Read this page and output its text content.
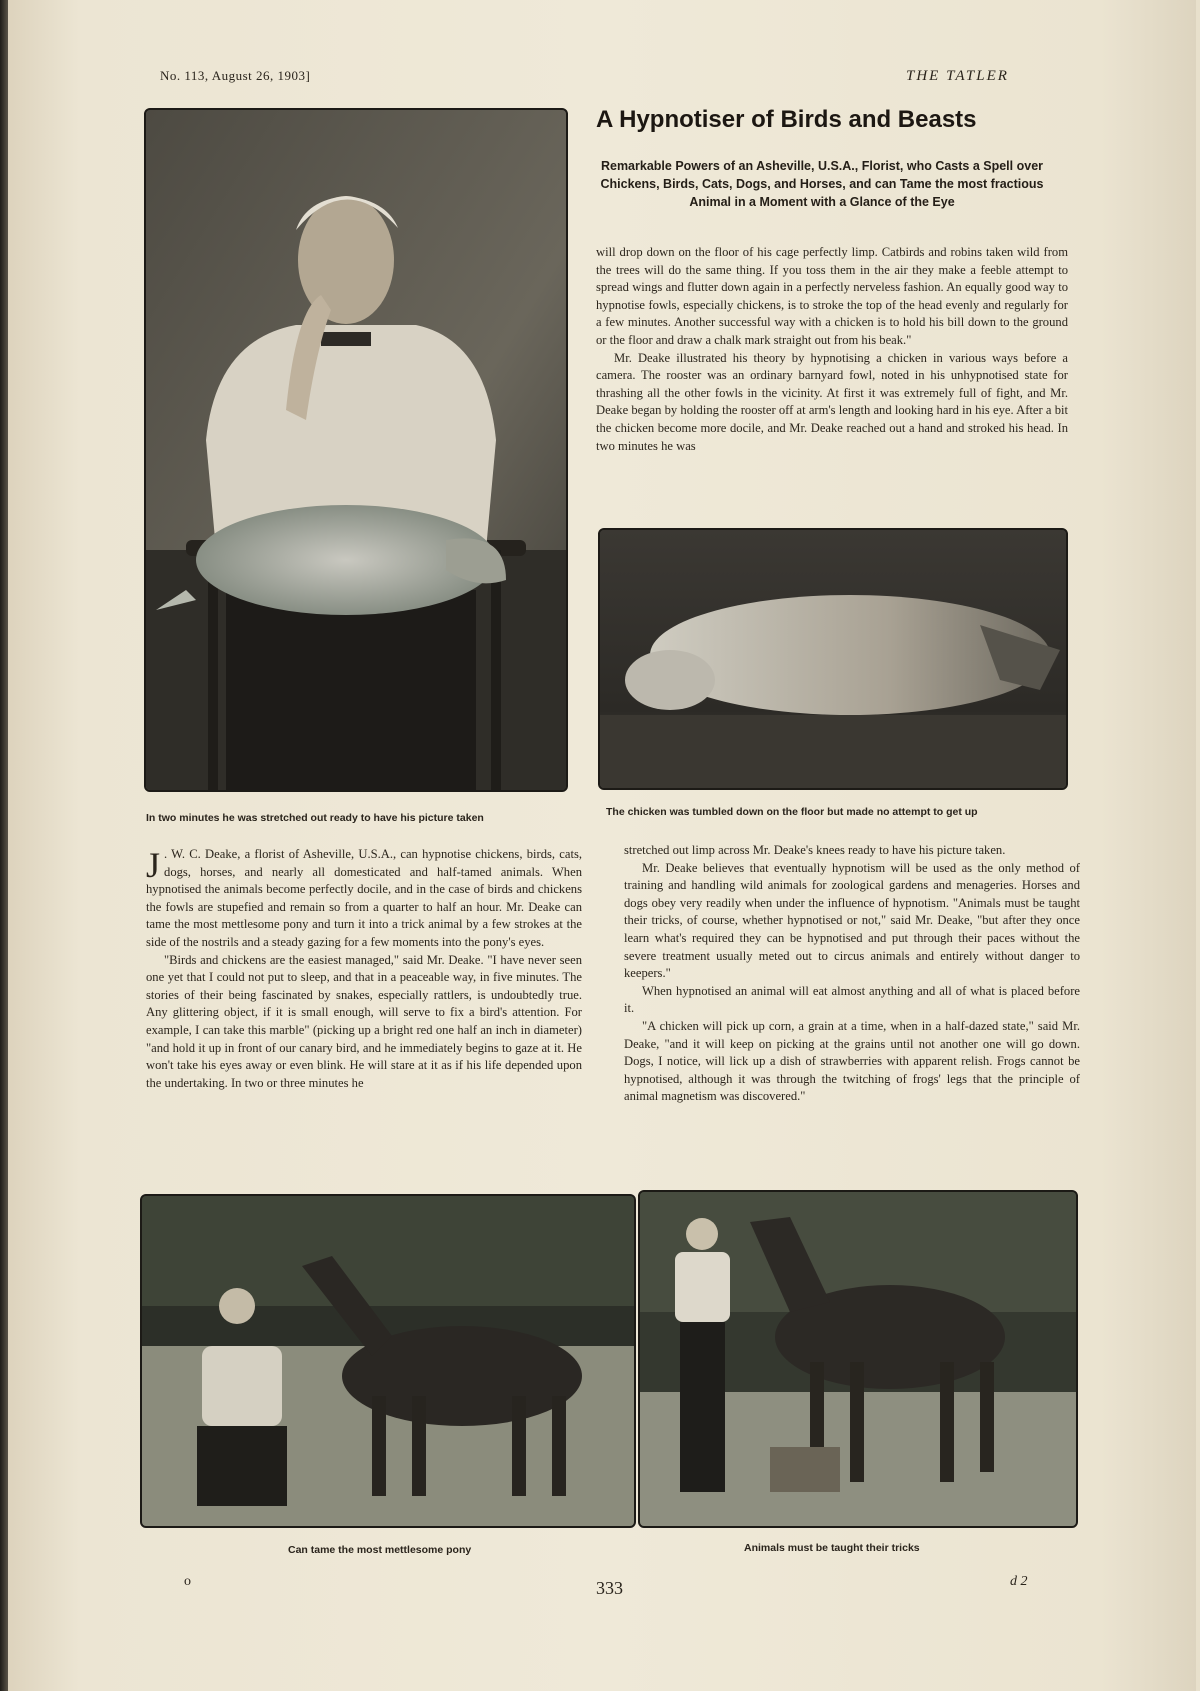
No. 113, August 26, 1903]	THE TATLER
A Hypnotiser of Birds and Beasts
Remarkable Powers of an Asheville, U.S.A., Florist, who Casts a Spell over Chickens, Birds, Cats, Dogs, and Horses, and can Tame the most fractious Animal in a Moment with a Glance of the Eye

will drop down on the floor of his cage perfectly limp. Catbirds and robins taken wild from the trees will do the same thing. If you toss them in the air they make a feeble attempt to spread wings and flutter down again in a perfectly nerveless fashion. An equally good way to hypnotise fowls, especially chickens, is to stroke the top of the head evenly and regularly for a few minutes. Another successful way with a chicken is to hold his bill down to the ground or the floor and draw a chalk mark straight out from his beak."

Mr. Deake illustrated his theory by hypnotising a chicken in various ways before a camera. The rooster was an ordinary barnyard fowl, noted in his unhypnotised state for thrashing all the other fowls in the vicinity. At first it was extremely full of fight, and Mr. Deake began by holding the rooster off at arm's length and looking hard in his eye. After a bit the chicken become more docile, and Mr. Deake reached out a hand and stroked his head. In two minutes he was

In two minutes he was stretched out ready to have his picture taken	The chicken was tumbled down on the floor but made no attempt to get up

J . W. C. Deake, a florist of Asheville, U.S.A., can hypnotise chickens, birds, cats, dogs, horses, and nearly all domesticated and half-tamed animals. When hypnotised the animals become perfectly docile, and in the case of birds and chickens the fowls are stupefied and remain so from a quarter to half an hour. Mr. Deake can tame the most mettlesome pony and turn it into a trick animal by a few strokes at the side of the nostrils and a steady gazing for a few moments into the pony's eyes.

"Birds and chickens are the easiest managed," said Mr. Deake. "I have never seen one yet that I could not put to sleep, and that in a peaceable way, in five minutes. The stories of their being fascinated by snakes, especially rattlers, is undoubtedly true. Any glittering object, if it is small enough, will serve to fix a bird's attention. For example, I can take this marble" (picking up a bright red one half an inch in diameter) "and hold it up in front of our canary bird, and he immediately begins to gaze at it. He won't take his eyes away or even blink. He will stare at it as if his life depended upon the undertaking. In two or three minutes he

stretched out limp across Mr. Deake's knees ready to have his picture taken.

Mr. Deake believes that eventually hypnotism will be used as the only method of training and handling wild animals for zoological gardens and menageries. Horses and dogs obey very readily when under the influence of hypnotism. "Animals must be taught their tricks, of course, whether hypnotised or not," said Mr. Deake, "but after they once learn what's required they can be hypnotised and put through their paces without the severe treatment usually meted out to circus animals and entirely without danger to keepers."

When hypnotised an animal will eat almost anything and all of what is placed before it.

"A chicken will pick up corn, a grain at a time, when in a half-dazed state," said Mr. Deake, "and it will keep on picking at the grains until not another one will go down. Dogs, I notice, will lick up a dish of strawberries with apparent relish. Frogs cannot be hypnotised, although it was through the twitching of frogs' legs that the principle of animal magnetism was discovered."

Can tame the most mettlesome pony	Animals must be taught their tricks
o	333	d 2
